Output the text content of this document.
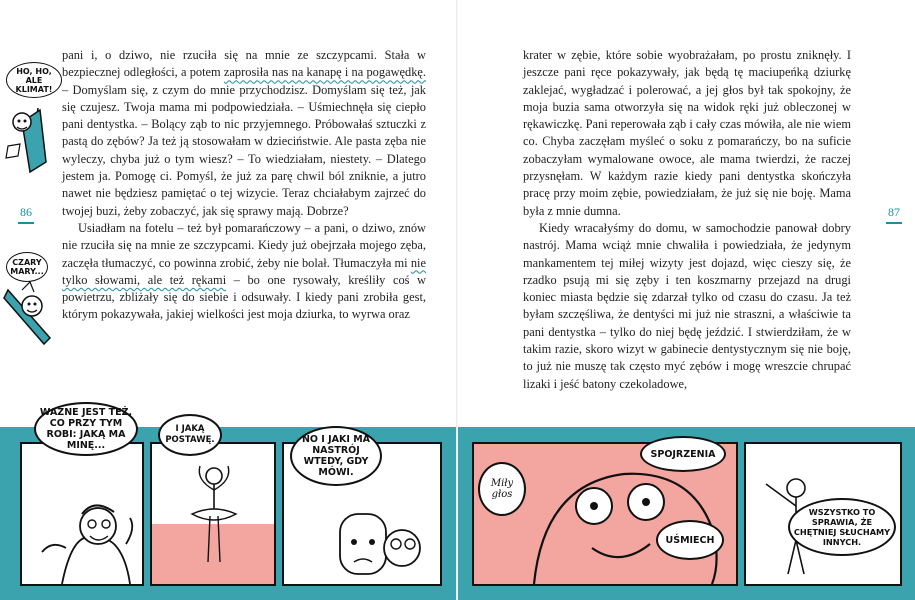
86	87

pani i, o dziwo, nie rzuciła się na mnie ze szczypcami. Stała w bezpiecznej odległości, a potem zaprosiła nas na kanapę i na pogawędkę. – Domyślam się, z czym do mnie przychodzisz. Domyślam się też, jak się czujesz. Twoja mama mi podpowiedziała. – Uśmiechnęła się ciepło pani dentystka. – Bolący ząb to nic przyjemnego. Próbowałaś sztuczki z pastą do zębów? Ja też ją stosowałam w dzieciństwie. Ale pasta zęba nie wyleczy, chyba już o tym wiesz? – To wiedziałam, niestety. – Dlatego jestem ja. Pomogę ci. Pomyśl, że już za parę chwil ból zniknie, a jutro nawet nie będziesz pamiętać o tej wizycie. Teraz chciałabym zajrzeć do twojej buzi, żeby zobaczyć, jak się sprawy mają. Dobrze?

Usiadłam na fotelu – też był pomarańczowy – a pani, o dziwo, znów nie rzuciła się na mnie ze szczypcami. Kiedy już obejrzała mojego zęba, zaczęła tłumaczyć, co powinna zrobić, żeby nie bolał. Tłumaczyła mi nie tylko słowami, ale też rękami – bo one rysowały, kreśliły coś w powietrzu, zbliżały się do siebie i odsuwały. I kiedy pani zrobiła gest, którym pokazywała, jakiej wielkości jest moja dziurka, to wyrwa oraz

krater w zębie, które sobie wyobrażałam, po prostu zniknęły. I jeszcze pani ręce pokazywały, jak będą tę maciupeńką dziurkę zaklejać, wygładzać i polerować, a jej głos był tak spokojny, że moja buzia sama otworzyła się na widok ręki już obleczonej w rękawiczkę. Pani reperowała ząb i cały czas mówiła, ale nie wiem co. Chyba zaczęłam myśleć o soku z pomarańczy, bo na suficie zobaczyłam wymalowane owoce, ale mama twierdzi, że raczej przysnęłam. W każdym razie kiedy pani dentystka skończyła pracę przy moim zębie, powiedziałam, że już się nie boję. Mama była z mnie dumna.

Kiedy wracałyśmy do domu, w samochodzie panował dobry nastrój. Mama wciąż mnie chwaliła i powiedziała, że jedynym mankamentem tej miłej wizyty jest dojazd, więc cieszy się, że rzadko psują mi się zęby i ten koszmarny przejazd na drugi koniec miasta będzie się zdarzał tylko od czasu do czasu. Ja też byłam szczęśliwa, że dentyści mi już nie straszni, a właściwie ta pani dentystka – tylko do niej będę jeździć. I stwierdziłam, że w takim razie, skoro wizyt w gabinecie dentystycznym się nie boję, to już nie muszę tak często myć zębów i mogę wreszcie chrupać lizaki i jeść batony czekoladowe,

HO, HO, ALE KLIMAT!
CZARY MARY...
WAŻNE JEST TEŻ, CO PRZY TYM ROBI: JAKĄ MA MINĘ...
I JAKĄ POSTAWĘ.	NO I JAKI MA NASTRÓJ WTEDY, GDY MÓWI.
Miły głos
SPOJRZENIA
UŚMIECH
WSZYSTKO TO SPRAWIA, ŻE CHĘTNIEJ SŁUCHAMY INNYCH.
